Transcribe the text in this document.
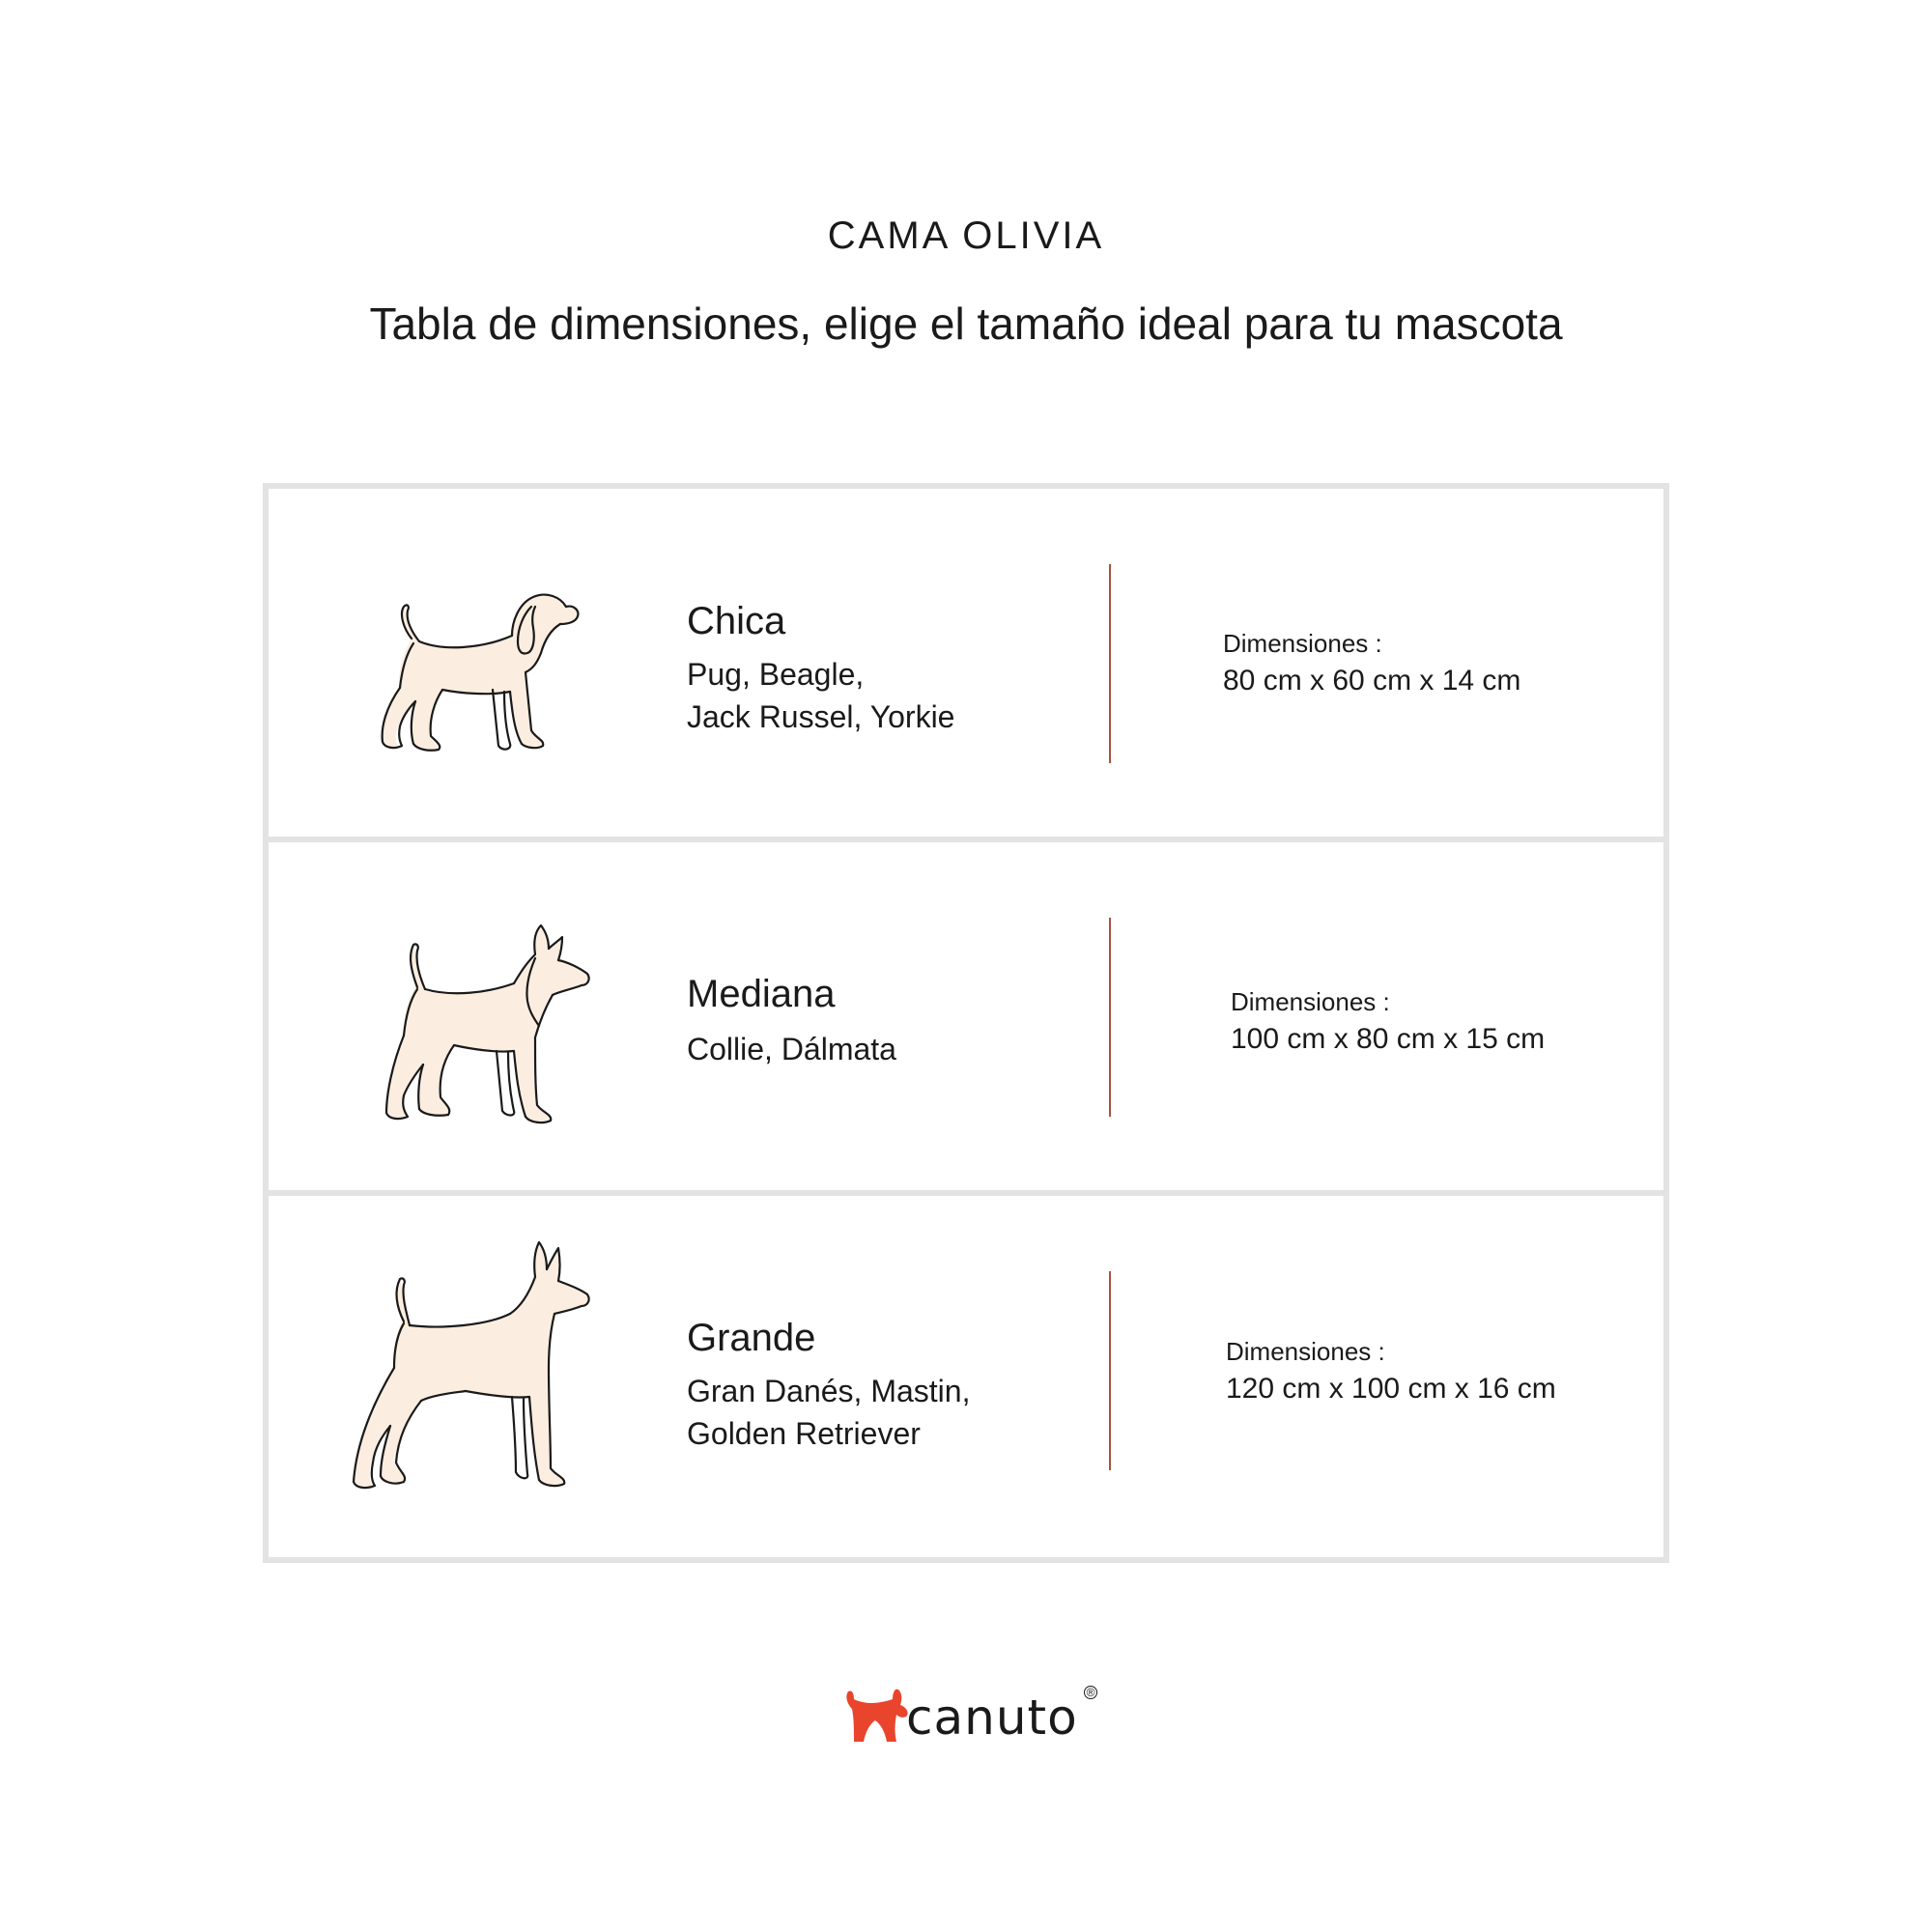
CAMA OLIVIA
Tabla de dimensiones, elige el tamaño ideal para tu mascota
Chica
Pug, Beagle,
Jack Russel, Yorkie
Dimensiones :
80 cm x 60 cm x 14 cm
Mediana
Collie, Dálmata
Dimensiones :
100 cm x 80 cm x 15 cm
Grande
Gran Danés, Mastin,
Golden Retriever
Dimensiones :
120 cm x 100 cm x 16 cm
canuto ®
